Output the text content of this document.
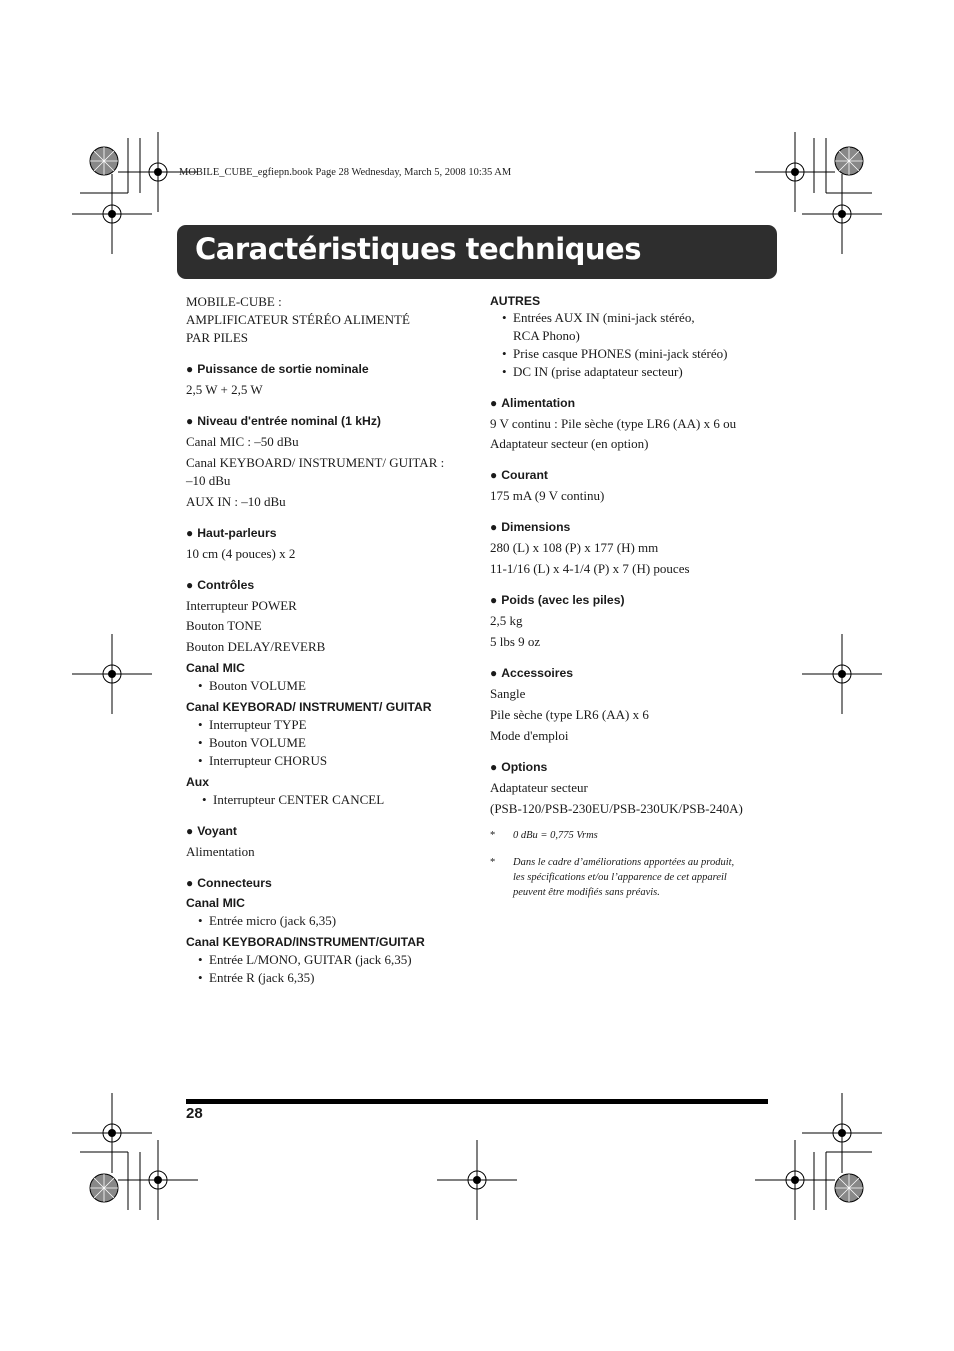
MOBILE_CUBE_egfiepn.book Page 28 Wednesday, March 5, 2008 10:35 AM
Caractéristiques techniques

MOBILE-CUBE :

AMPLIFICATEUR STÉRÉO ALIMENTÉ

PAR PILES

● Puissance de sortie nominale

2,5 W + 2,5 W

● Niveau d'entrée nominal (1 kHz)

Canal MIC : –50 dBu

Canal KEYBOARD/ INSTRUMENT/ GUITAR :

–10 dBu

AUX IN : –10 dBu

● Haut-parleurs

10 cm (4 pouces) x 2

● Contrôles

Interrupteur POWER

Bouton TONE

Bouton DELAY/REVERB

Canal MIC

• Bouton VOLUME

Canal KEYBORAD/ INSTRUMENT/ GUITAR

• Interrupteur TYPE
• Bouton VOLUME
• Interrupteur CHORUS

Aux

• Interrupteur CENTER CANCEL

● Voyant

Alimentation

● Connecteurs

Canal MIC

• Entrée micro (jack 6,35)

Canal KEYBORAD/INSTRUMENT/GUITAR

• Entrée L/MONO, GUITAR (jack 6,35)
• Entrée R (jack 6,35)

AUTRES

• Entrées AUX IN (mini-jack stéréo,
RCA Phono)
• Prise casque PHONES (mini-jack stéréo)
• DC IN (prise adaptateur secteur)

● Alimentation

9 V continu : Pile sèche (type LR6 (AA) x 6 ou

Adaptateur secteur (en option)

● Courant

175 mA (9 V continu)

● Dimensions

280 (L) x 108 (P) x 177 (H) mm

11-1/16 (L) x 4-1/4 (P) x 7 (H) pouces

● Poids (avec les piles)

2,5 kg

5 lbs 9 oz

● Accessoires

Sangle

Pile sèche (type LR6 (AA) x 6

Mode d'emploi

● Options

Adaptateur secteur

(PSB-120/PSB-230EU/PSB-230UK/PSB-240A)

*	0 dBu = 0,775 Vrms
*	Dans le cadre d’améliorations apportées au produit,
les spécifications et/ou l’apparence de cet appareil
peuvent être modifiés sans préavis.
28
